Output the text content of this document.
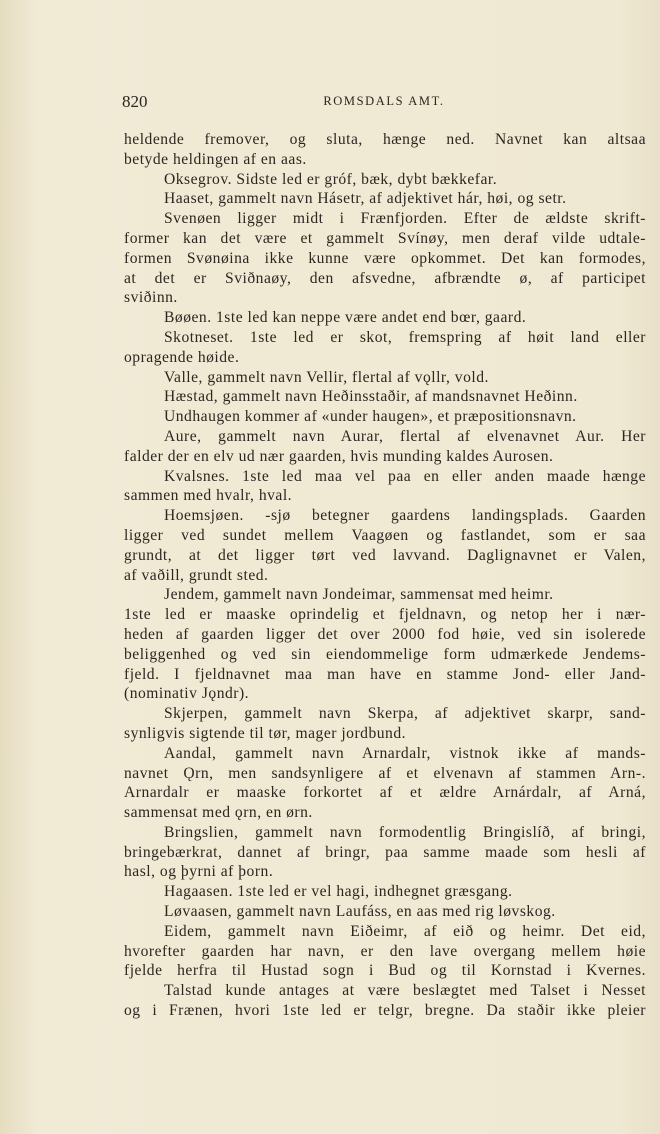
820	ROMSDALS AMT.
heldende fremover, og sluta, hænge ned. Navnet kan altsaa
betyde heldingen af en aas.
Oksegrov. Sidste led er gróf, bæk, dybt bækkefar.
Haaset, gammelt navn Hásetr, af adjektivet hár, høi, og setr.
Svenøen ligger midt i Frænfjorden. Efter de ældste skrift-
former kan det være et gammelt Svínøy, men deraf vilde udtale-
formen Svønøina ikke kunne være opkommet. Det kan formodes,
at det er Sviðnaøy, den afsvedne, afbrændte ø, af participet
sviðinn.
Bøøen. 1ste led kan neppe være andet end bœr, gaard.
Skotneset. 1ste led er skot, fremspring af høit land eller
opragende høide.
Valle, gammelt navn Vellir, flertal af vǫllr, vold.
Hæstad, gammelt navn Heðinsstaðir, af mandsnavnet Heðinn.
Undhaugen kommer af «under haugen», et præpositionsnavn.
Aure, gammelt navn Aurar, flertal af elvenavnet Aur. Her
falder der en elv ud nær gaarden, hvis munding kaldes Aurosen.
Kvalsnes. 1ste led maa vel paa en eller anden maade hænge
sammen med hvalr, hval.
Hoemsjøen. -sjø betegner gaardens landingsplads. Gaarden
ligger ved sundet mellem Vaagøen og fastlandet, som er saa
grundt, at det ligger tørt ved lavvand. Daglignavnet er Valen,
af vaðill, grundt sted.
Jendem, gammelt navn Jondeimar, sammensat med heimr.
1ste led er maaske oprindelig et fjeldnavn, og netop her i nær-
heden af gaarden ligger det over 2000 fod høie, ved sin isolerede
beliggenhed og ved sin eiendommelige form udmærkede Jendems-
fjeld. I fjeldnavnet maa man have en stamme Jond- eller Jand-
(nominativ Jǫndr).
Skjerpen, gammelt navn Skerpa, af adjektivet skarpr, sand-
synligvis sigtende til tør, mager jordbund.
Aandal, gammelt navn Arnardalr, vistnok ikke af mands-
navnet Ǫrn, men sandsynligere af et elvenavn af stammen Arn-.
Arnardalr er maaske forkortet af et ældre Arnárdalr, af Arná,
sammensat med ǫrn, en ørn.
Bringslien, gammelt navn formodentlig Bringislíð, af bringi,
bringebærkrat, dannet af bringr, paa samme maade som hesli af
hasl, og þyrni af þorn.
Hagaasen. 1ste led er vel hagi, indhegnet græsgang.
Løvaasen, gammelt navn Laufáss, en aas med rig løvskog.
Eidem, gammelt navn Eiðeimr, af eið og heimr. Det eid,
hvorefter gaarden har navn, er den lave overgang mellem høie
fjelde herfra til Hustad sogn i Bud og til Kornstad i Kvernes.
Talstad kunde antages at være beslægtet med Talset i Nesset
og i Frænen, hvori 1ste led er telgr, bregne. Da staðir ikke pleier
